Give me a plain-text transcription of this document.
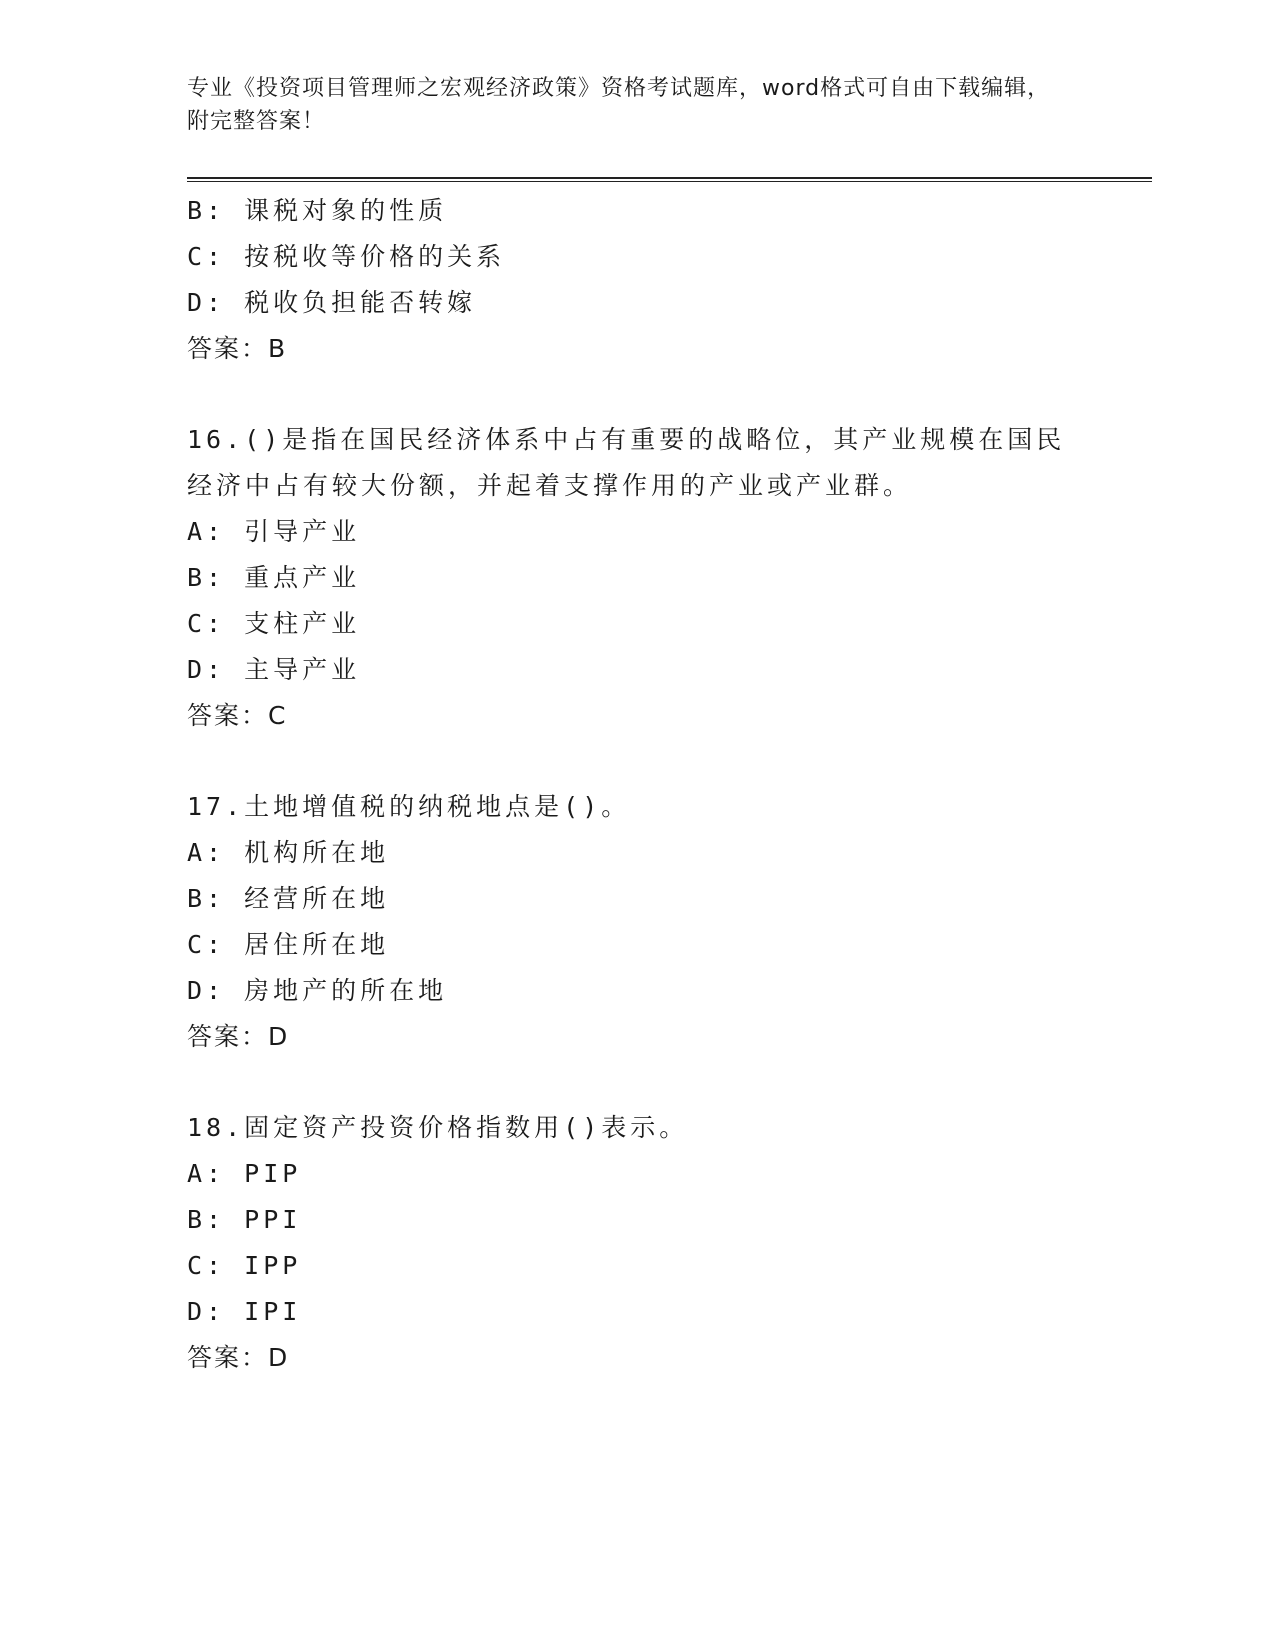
专业《投资项目管理师之宏观经济政策》资格考试题库，word格式可自由下载编辑，附完整答案！
B: 课税对象的性质
C: 按税收等价格的关系
D: 税收负担能否转嫁
答案：B
16.()是指在国民经济体系中占有重要的战略位，其产业规模在国民经济中占有较大份额，并起着支撑作用的产业或产业群。
A: 引导产业
B: 重点产业
C: 支柱产业
D: 主导产业
答案：C
17.土地增值税的纳税地点是()。
A: 机构所在地
B: 经营所在地
C: 居住所在地
D: 房地产的所在地
答案：D
18.固定资产投资价格指数用()表示。
A: PIP
B: PPI
C: IPP
D: IPI
答案：D
